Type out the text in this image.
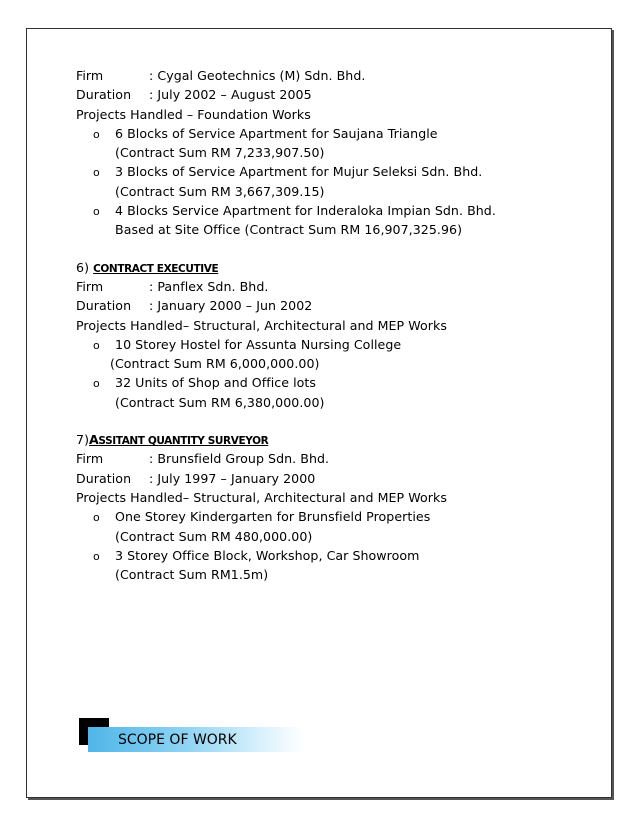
Firm	: Cygal Geotechnics (M) Sdn. Bhd.
Duration : July 2002 – August 2005
Projects Handled – Foundation Works
o 6 Blocks of Service Apartment for Saujana Triangle
(Contract Sum RM 7,233,907.50)
o 3 Blocks of Service Apartment for Mujur Seleksi Sdn. Bhd.
(Contract Sum RM 3,667,309.15)
o 4 Blocks Service Apartment for Inderaloka Impian Sdn. Bhd.
Based at Site Office (Contract Sum RM 16,907,325.96)
6) CONTRACT EXECUTIVE
Firm	: Panflex Sdn. Bhd.
Duration : January 2000 – Jun 2002
Projects Handled– Structural, Architectural and MEP Works
o 10 Storey Hostel for Assunta Nursing College
(Contract Sum RM 6,000,000.00)
o 32 Units of Shop and Office lots
(Contract Sum RM 6,380,000.00)
7)ASSITANT QUANTITY SURVEYOR
Firm	: Brunsfield Group Sdn. Bhd.
Duration : July 1997 – January 2000
Projects Handled– Structural, Architectural and MEP Works
o One Storey Kindergarten for Brunsfield Properties
(Contract Sum RM 480,000.00)
o 3 Storey Office Block, Workshop, Car Showroom
(Contract Sum RM1.5m)
SCOPE OF WORK
